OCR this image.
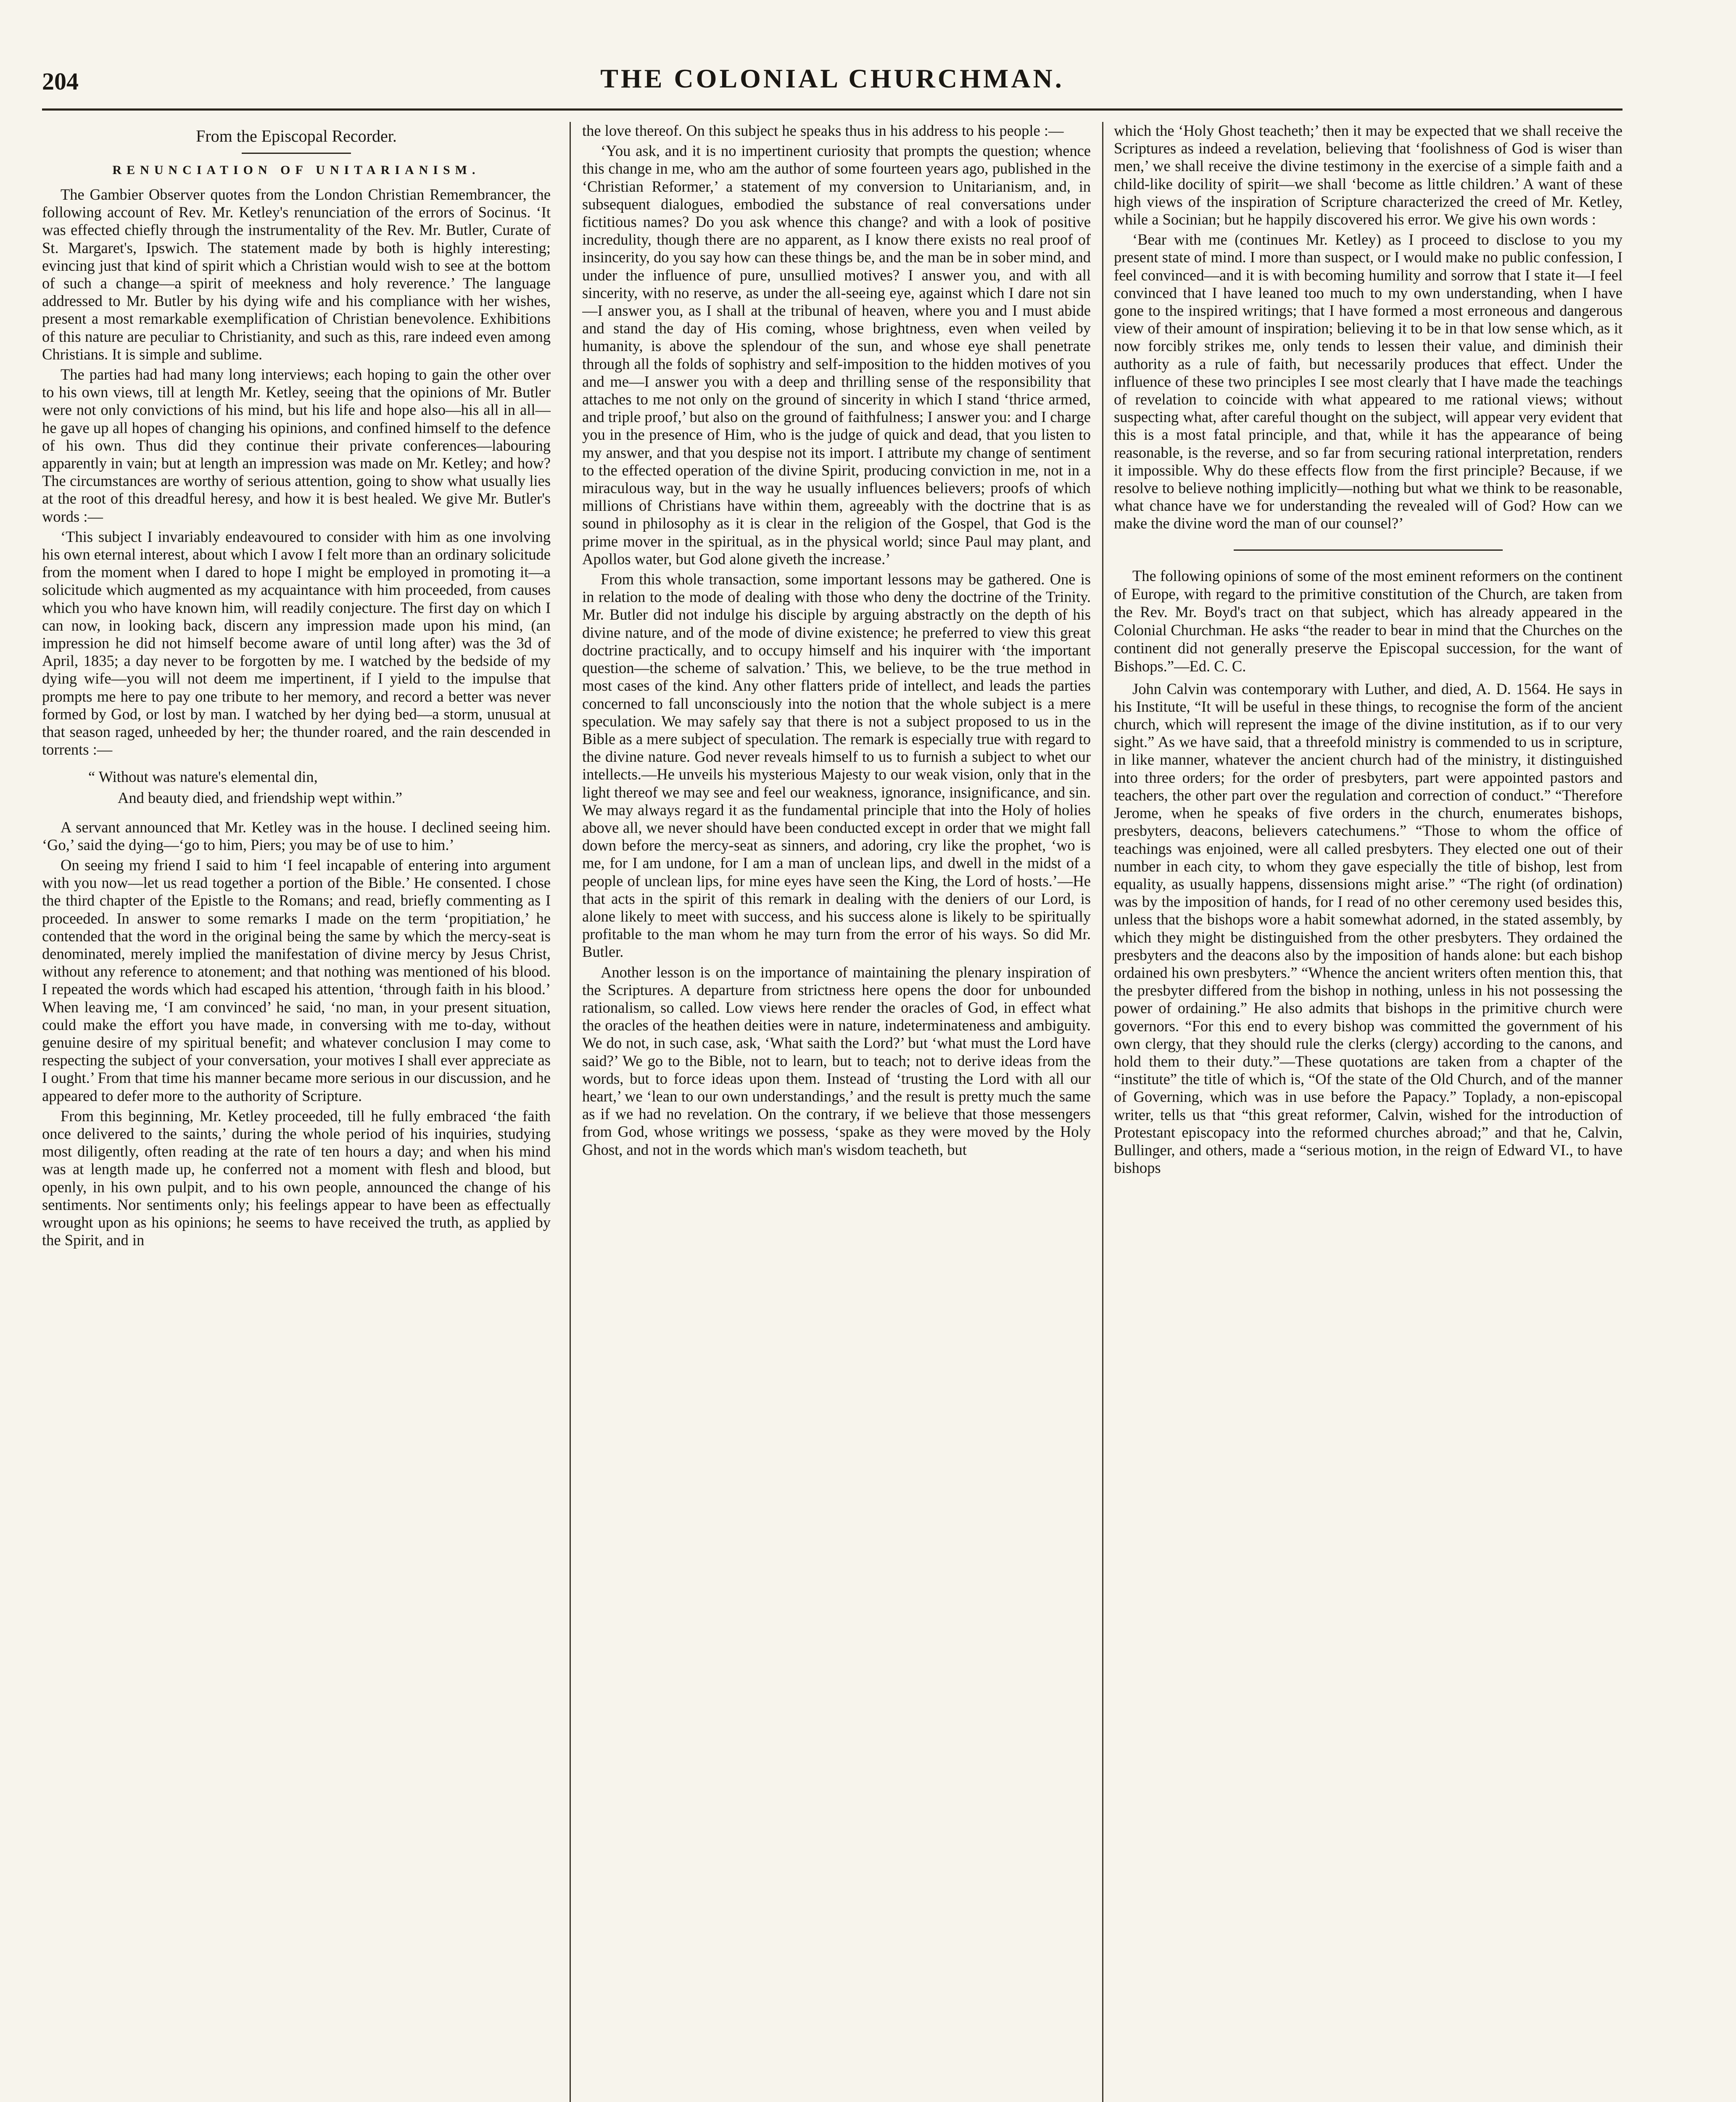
204	THE COLONIAL CHURCHMAN.
From the Episcopal Recorder.
RENUNCIATION OF UNITARIANISM.

The Gambier Observer quotes from the London Christian Remembrancer, the following account of Rev. Mr. Ketley's renunciation of the errors of Socinus. ‘It was effected chiefly through the instrumentality of the Rev. Mr. Butler, Curate of St. Margaret's, Ipswich. The statement made by both is highly interesting; evincing just that kind of spirit which a Christian would wish to see at the bottom of such a change—a spirit of meekness and holy reverence.’ The language addressed to Mr. Butler by his dying wife and his compliance with her wishes, present a most remarkable exemplification of Christian benevolence. Exhibitions of this nature are peculiar to Christianity, and such as this, rare indeed even among Christians. It is simple and sublime.

The parties had had many long interviews; each hoping to gain the other over to his own views, till at length Mr. Ketley, seeing that the opinions of Mr. Butler were not only convictions of his mind, but his life and hope also—his all in all—he gave up all hopes of changing his opinions, and confined himself to the defence of his own. Thus did they continue their private conferences—labouring apparently in vain; but at length an impression was made on Mr. Ketley; and how? The circumstances are worthy of serious attention, going to show what usually lies at the root of this dreadful heresy, and how it is best healed. We give Mr. Butler's words :—

‘This subject I invariably endeavoured to consider with him as one involving his own eternal interest, about which I avow I felt more than an ordinary solicitude from the moment when I dared to hope I might be employed in promoting it—a solicitude which augmented as my acquaintance with him proceeded, from causes which you who have known him, will readily conjecture. The first day on which I can now, in looking back, discern any impression made upon his mind, (an impression he did not himself become aware of until long after) was the 3d of April, 1835; a day never to be forgotten by me. I watched by the bedside of my dying wife—you will not deem me impertinent, if I yield to the impulse that prompts me here to pay one tribute to her memory, and record a better was never formed by God, or lost by man. I watched by her dying bed—a storm, unusual at that season raged, unheeded by her; the thunder roared, and the rain descended in torrents :—

“ Without was nature's elemental din,
And beauty died, and friendship wept within.”

A servant announced that Mr. Ketley was in the house. I declined seeing him. ‘Go,’ said the dying—‘go to him, Piers; you may be of use to him.’

On seeing my friend I said to him ‘I feel incapable of entering into argument with you now—let us read together a portion of the Bible.’ He consented. I chose the third chapter of the Epistle to the Romans; and read, briefly commenting as I proceeded. In answer to some remarks I made on the term ‘propitiation,’ he contended that the word in the original being the same by which the mercy-seat is denominated, merely implied the manifestation of divine mercy by Jesus Christ, without any reference to atonement; and that nothing was mentioned of his blood. I repeated the words which had escaped his attention, ‘through faith in his blood.’ When leaving me, ‘I am convinced’ he said, ‘no man, in your present situation, could make the effort you have made, in conversing with me to-day, without genuine desire of my spiritual benefit; and whatever conclusion I may come to respecting the subject of your conversation, your motives I shall ever appreciate as I ought.’ From that time his manner became more serious in our discussion, and he appeared to defer more to the authority of Scripture.

From this beginning, Mr. Ketley proceeded, till he fully embraced ‘the faith once delivered to the saints,’ during the whole period of his inquiries, studying most diligently, often reading at the rate of ten hours a day; and when his mind was at length made up, he conferred not a moment with flesh and blood, but openly, in his own pulpit, and to his own people, announced the change of his sentiments. Nor sentiments only; his feelings appear to have been as effectually wrought upon as his opinions; he seems to have received the truth, as applied by the Spirit, and in

the love thereof. On this subject he speaks thus in his address to his people :—

‘You ask, and it is no impertinent curiosity that prompts the question; whence this change in me, who am the author of some fourteen years ago, published in the ‘Christian Reformer,’ a statement of my conversion to Unitarianism, and, in subsequent dialogues, embodied the substance of real conversations under fictitious names? Do you ask whence this change? and with a look of positive incredulity, though there are no apparent, as I know there exists no real proof of insincerity, do you say how can these things be, and the man be in sober mind, and under the influence of pure, unsullied motives? I answer you, and with all sincerity, with no reserve, as under the all-seeing eye, against which I dare not sin—I answer you, as I shall at the tribunal of heaven, where you and I must abide and stand the day of His coming, whose brightness, even when veiled by humanity, is above the splendour of the sun, and whose eye shall penetrate through all the folds of sophistry and self-imposition to the hidden motives of you and me—I answer you with a deep and thrilling sense of the responsibility that attaches to me not only on the ground of sincerity in which I stand ‘thrice armed, and triple proof,’ but also on the ground of faithfulness; I answer you: and I charge you in the presence of Him, who is the judge of quick and dead, that you listen to my answer, and that you despise not its import. I attribute my change of sentiment to the effected operation of the divine Spirit, producing conviction in me, not in a miraculous way, but in the way he usually influences believers; proofs of which millions of Christians have within them, agreeably with the doctrine that is as sound in philosophy as it is clear in the religion of the Gospel, that God is the prime mover in the spiritual, as in the physical world; since Paul may plant, and Apollos water, but God alone giveth the increase.’

From this whole transaction, some important lessons may be gathered. One is in relation to the mode of dealing with those who deny the doctrine of the Trinity. Mr. Butler did not indulge his disciple by arguing abstractly on the depth of his divine nature, and of the mode of divine existence; he preferred to view this great doctrine practically, and to occupy himself and his inquirer with ‘the important question—the scheme of salvation.’ This, we believe, to be the true method in most cases of the kind. Any other flatters pride of intellect, and leads the parties concerned to fall unconsciously into the notion that the whole subject is a mere speculation. We may safely say that there is not a subject proposed to us in the Bible as a mere subject of speculation. The remark is especially true with regard to the divine nature. God never reveals himself to us to furnish a subject to whet our intellects.—He unveils his mysterious Majesty to our weak vision, only that in the light thereof we may see and feel our weakness, ignorance, insignificance, and sin. We may always regard it as the fundamental principle that into the Holy of holies above all, we never should have been conducted except in order that we might fall down before the mercy-seat as sinners, and adoring, cry like the prophet, ‘wo is me, for I am undone, for I am a man of unclean lips, and dwell in the midst of a people of unclean lips, for mine eyes have seen the King, the Lord of hosts.’—He that acts in the spirit of this remark in dealing with the deniers of our Lord, is alone likely to meet with success, and his success alone is likely to be spiritually profitable to the man whom he may turn from the error of his ways. So did Mr. Butler.

Another lesson is on the importance of maintaining the plenary inspiration of the Scriptures. A departure from strictness here opens the door for unbounded rationalism, so called. Low views here render the oracles of God, in effect what the oracles of the heathen deities were in nature, indeterminateness and ambiguity. We do not, in such case, ask, ‘What saith the Lord?’ but ‘what must the Lord have said?’ We go to the Bible, not to learn, but to teach; not to derive ideas from the words, but to force ideas upon them. Instead of ‘trusting the Lord with all our heart,’ we ‘lean to our own understandings,’ and the result is pretty much the same as if we had no revelation. On the contrary, if we believe that those messengers from God, whose writings we possess, ‘spake as they were moved by the Holy Ghost, and not in the words which man's wisdom teacheth, but

which the ‘Holy Ghost teacheth;’ then it may be expected that we shall receive the Scriptures as indeed a revelation, believing that ‘foolishness of God is wiser than men,’ we shall receive the divine testimony in the exercise of a simple faith and a child-like docility of spirit—we shall ‘become as little children.’ A want of these high views of the inspiration of Scripture characterized the creed of Mr. Ketley, while a Socinian; but he happily discovered his error. We give his own words :

‘Bear with me (continues Mr. Ketley) as I proceed to disclose to you my present state of mind. I more than suspect, or I would make no public confession, I feel convinced—and it is with becoming humility and sorrow that I state it—I feel convinced that I have leaned too much to my own understanding, when I have gone to the inspired writings; that I have formed a most erroneous and dangerous view of their amount of inspiration; believing it to be in that low sense which, as it now forcibly strikes me, only tends to lessen their value, and diminish their authority as a rule of faith, but necessarily produces that effect. Under the influence of these two principles I see most clearly that I have made the teachings of revelation to coincide with what appeared to me rational views; without suspecting what, after careful thought on the subject, will appear very evident that this is a most fatal principle, and that, while it has the appearance of being reasonable, is the reverse, and so far from securing rational interpretation, renders it impossible. Why do these effects flow from the first principle? Because, if we resolve to believe nothing implicitly—nothing but what we think to be reasonable, what chance have we for understanding the revealed will of God? How can we make the divine word the man of our counsel?’

The following opinions of some of the most eminent reformers on the continent of Europe, with regard to the primitive constitution of the Church, are taken from the Rev. Mr. Boyd's tract on that subject, which has already appeared in the Colonial Churchman. He asks “the reader to bear in mind that the Churches on the continent did not generally preserve the Episcopal succession, for the want of Bishops.”—Ed. C. C.

John Calvin was contemporary with Luther, and died, A. D. 1564. He says in his Institute, “It will be useful in these things, to recognise the form of the ancient church, which will represent the image of the divine institution, as if to our very sight.” As we have said, that a threefold ministry is commended to us in scripture, in like manner, whatever the ancient church had of the ministry, it distinguished into three orders; for the order of presbyters, part were appointed pastors and teachers, the other part over the regulation and correction of conduct.” “Therefore Jerome, when he speaks of five orders in the church, enumerates bishops, presbyters, deacons, believers catechumens.” “Those to whom the office of teachings was enjoined, were all called presbyters. They elected one out of their number in each city, to whom they gave especially the title of bishop, lest from equality, as usually happens, dissensions might arise.” “The right (of ordination) was by the imposition of hands, for I read of no other ceremony used besides this, unless that the bishops wore a habit somewhat adorned, in the stated assembly, by which they might be distinguished from the other presbyters. They ordained the presbyters and the deacons also by the imposition of hands alone: but each bishop ordained his own presbyters.” “Whence the ancient writers often mention this, that the presbyter differed from the bishop in nothing, unless in his not possessing the power of ordaining.” He also admits that bishops in the primitive church were governors. “For this end to every bishop was committed the government of his own clergy, that they should rule the clerks (clergy) according to the canons, and hold them to their duty.”—These quotations are taken from a chapter of the “institute” the title of which is, “Of the state of the Old Church, and of the manner of Governing, which was in use before the Papacy.” Toplady, a non-episcopal writer, tells us that “this great reformer, Calvin, wished for the introduction of Protestant episcopacy into the reformed churches abroad;” and that he, Calvin, Bullinger, and others, made a “serious motion, in the reign of Edward VI., to have bishops
